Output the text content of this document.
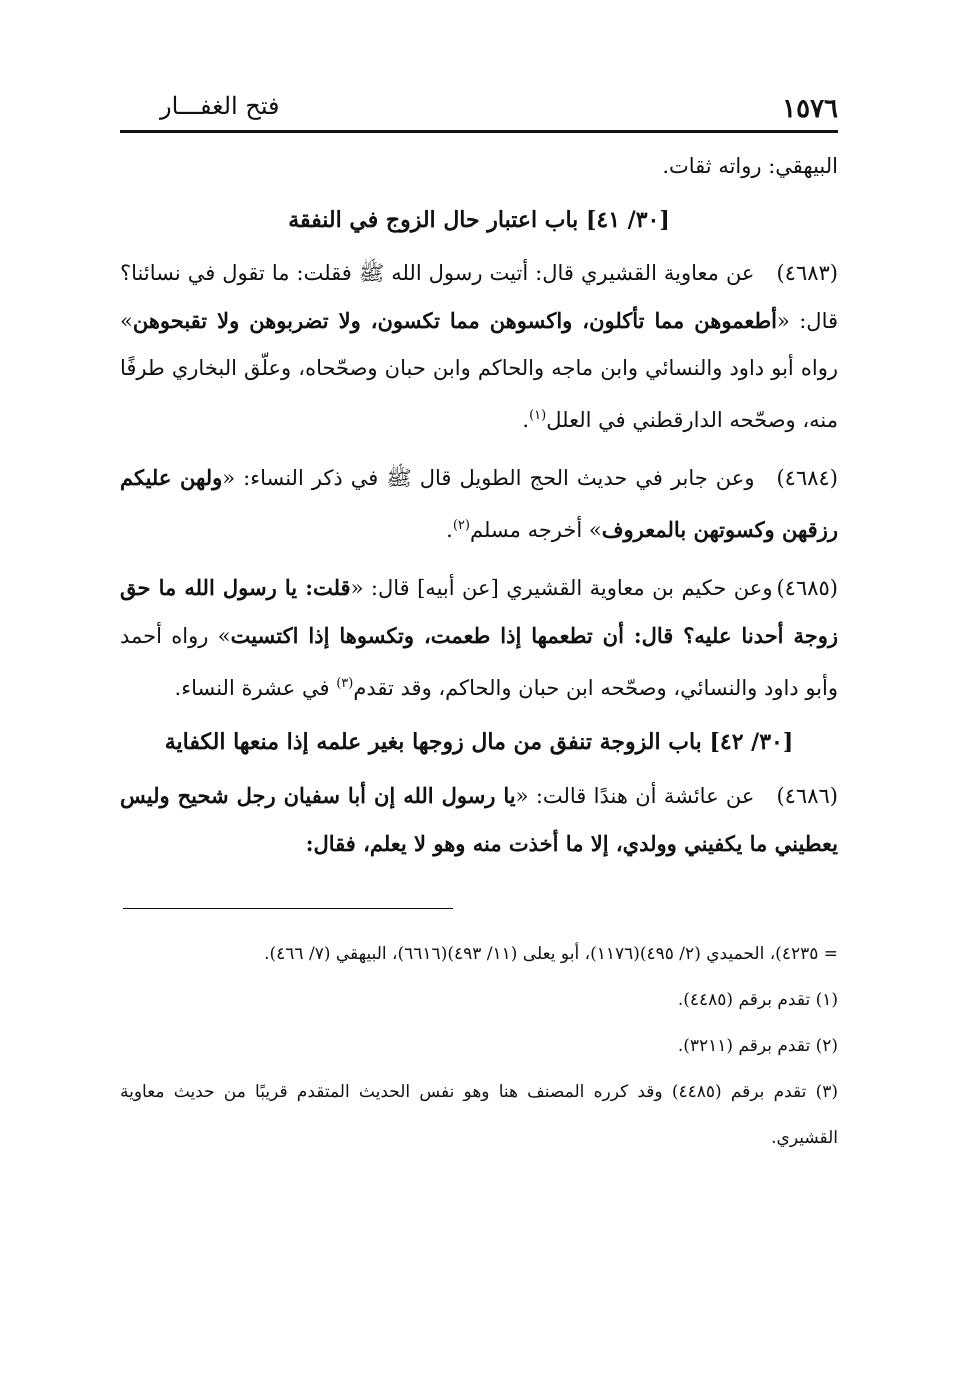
١٥٧٦
فتح الغفـــار

البيهقي: رواته ثقات.

[٣٠/ ٤١] باب اعتبار حال الزوج في النفقة

(٤٦٨٣)عن معاوية القشيري قال: أتيت رسول الله ﷺ فقلت: ما تقول في نسائنا؟ قال: «أطعموهن مما تأكلون، واكسوهن مما تكسون، ولا تضربوهن ولا تقبحوهن» رواه أبو داود والنسائي وابن ماجه والحاكم وابن حبان وصحّحاه، وعلّق البخاري طرفًا منه، وصحّحه الدارقطني في العلل$^{(١)}$.

(٤٦٨٤)وعن جابر في حديث الحج الطويل قال ﷺ في ذكر النساء: «ولهن عليكم رزقهن وكسوتهن بالمعروف» أخرجه مسلم$^{(٢)}$.

(٤٦٨٥)وعن حكيم بن معاوية القشيري [عن أبيه] قال: «قلت: يا رسول الله ما حق زوجة أحدنا عليه؟ قال: أن تطعمها إذا طعمت، وتكسوها إذا اكتسيت» رواه أحمد وأبو داود والنسائي، وصحّحه ابن حبان والحاكم، وقد تقدم$^{(٣)}$ في عشرة النساء.

[٣٠/ ٤٢] باب الزوجة تنفق من مال زوجها بغير علمه إذا منعها الكفاية

(٤٦٨٦)عن عائشة أن هندًا قالت: «يا رسول الله إن أبا سفيان رجل شحيح وليس يعطيني ما يكفيني وولدي، إلا ما أخذت منه وهو لا يعلم، فقال:

= ٤٢٣٥)، الحميدي (٢/ ٤٩٥)(١١٧٦)، أبو يعلى (١١/ ٤٩٣)(٦٦١٦)، البيهقي (٧/ ٤٦٦).

(١) تقدم برقم (٤٤٨٥).

(٢) تقدم برقم (٣٢١١).

(٣) تقدم برقم (٤٤٨٥) وقد كرره المصنف هنا وهو نفس الحديث المتقدم قريبًا من حديث معاوية القشيري.
